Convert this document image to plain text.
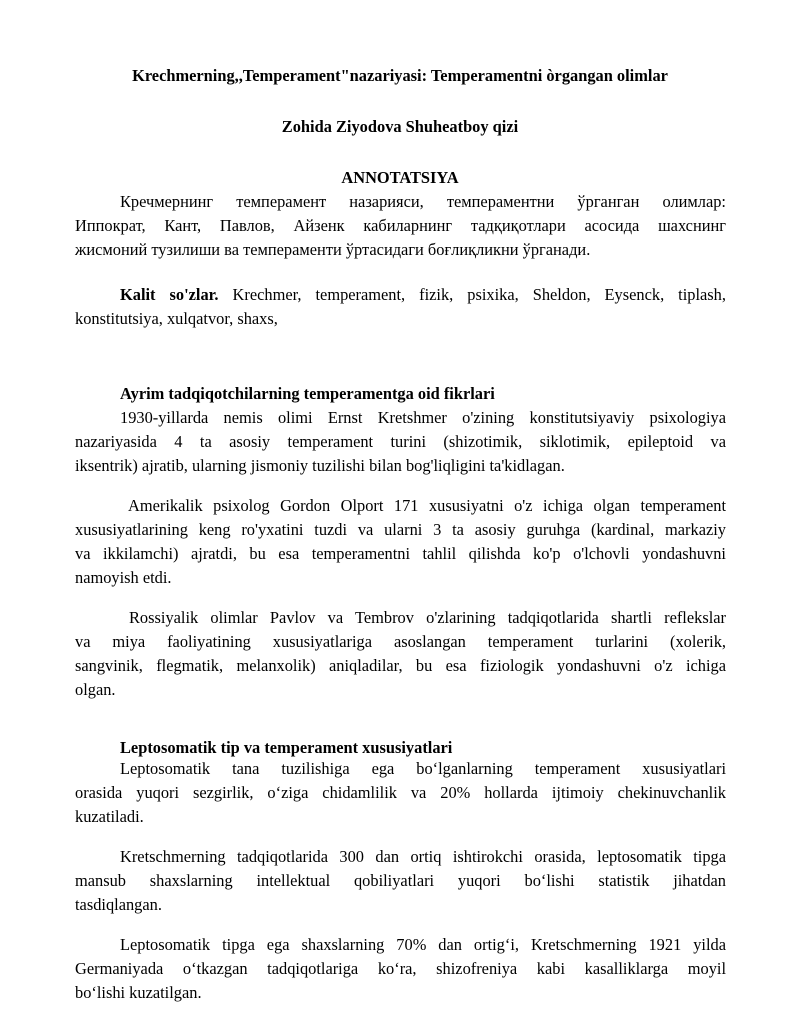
Krechmerning,,Temperament"nazariyasi: Temperamentni òrgangan olimlar

Zohida Ziyodova Shuheatboy qizi

ANNOTATSIYA

Кречмернинг темперамент назарияси, темпераментни ўрганган олимлар:
Иппократ, Кант, Павлов, Айзенк кабиларнинг тадқиқотлари асосида шахснинг
жисмоний тузилиши ва темпераменти ўртасидаги боғлиқликни ўрганади.
Kalit so'zlar. Krechmer, temperament, fizik, psixika, Sheldon, Eysenck, tiplash,
konstitutsiya, xulqatvor, shaxs,

Ayrim tadqiqotchilarning temperamentga oid fikrlari

1930-yillarda nemis olimi Ernst Kretshmer o'zining konstitutsiyaviy psixologiya
nazariyasida 4 ta asosiy temperament turini (shizotimik, siklotimik, epileptoid va
iksentrik) ajratib, ularning jismoniy tuzilishi bilan bog'liqligini ta'kidlagan.
Amerikalik psixolog Gordon Olport 171 xususiyatni o'z ichiga olgan temperament
xususiyatlarining keng ro'yxatini tuzdi va ularni 3 ta asosiy guruhga (kardinal, markaziy
va ikkilamchi) ajratdi, bu esa temperamentni tahlil qilishda ko'p o'lchovli yondashuvni
namoyish etdi.
Rossiyalik olimlar Pavlov va Tembrov o'zlarining tadqiqotlarida shartli reflekslar
va miya faoliyatining xususiyatlariga asoslangan temperament turlarini (xolerik,
sangvinik, flegmatik, melanxolik) aniqladilar, bu esa fiziologik yondashuvni o'z ichiga
olgan.

Leptosomatik tip va temperament xususiyatlari

Leptosomatik tana tuzilishiga ega bo‘lganlarning temperament xususiyatlari
orasida yuqori sezgirlik, o‘ziga chidamlilik va 20% hollarda ijtimoiy chekinuvchanlik
kuzatiladi.
Kretschmerning tadqiqotlarida 300 dan ortiq ishtirokchi orasida, leptosomatik tipga
mansub shaxslarning intellektual qobiliyatlari yuqori bo‘lishi statistik jihatdan
tasdiqlangan.
Leptosomatik tipga ega shaxslarning 70% dan ortig‘i, Kretschmerning 1921 yilda
Germaniyada o‘tkazgan tadqiqotlariga ko‘ra, shizofreniya kabi kasalliklarga moyil
bo‘lishi kuzatilgan.
